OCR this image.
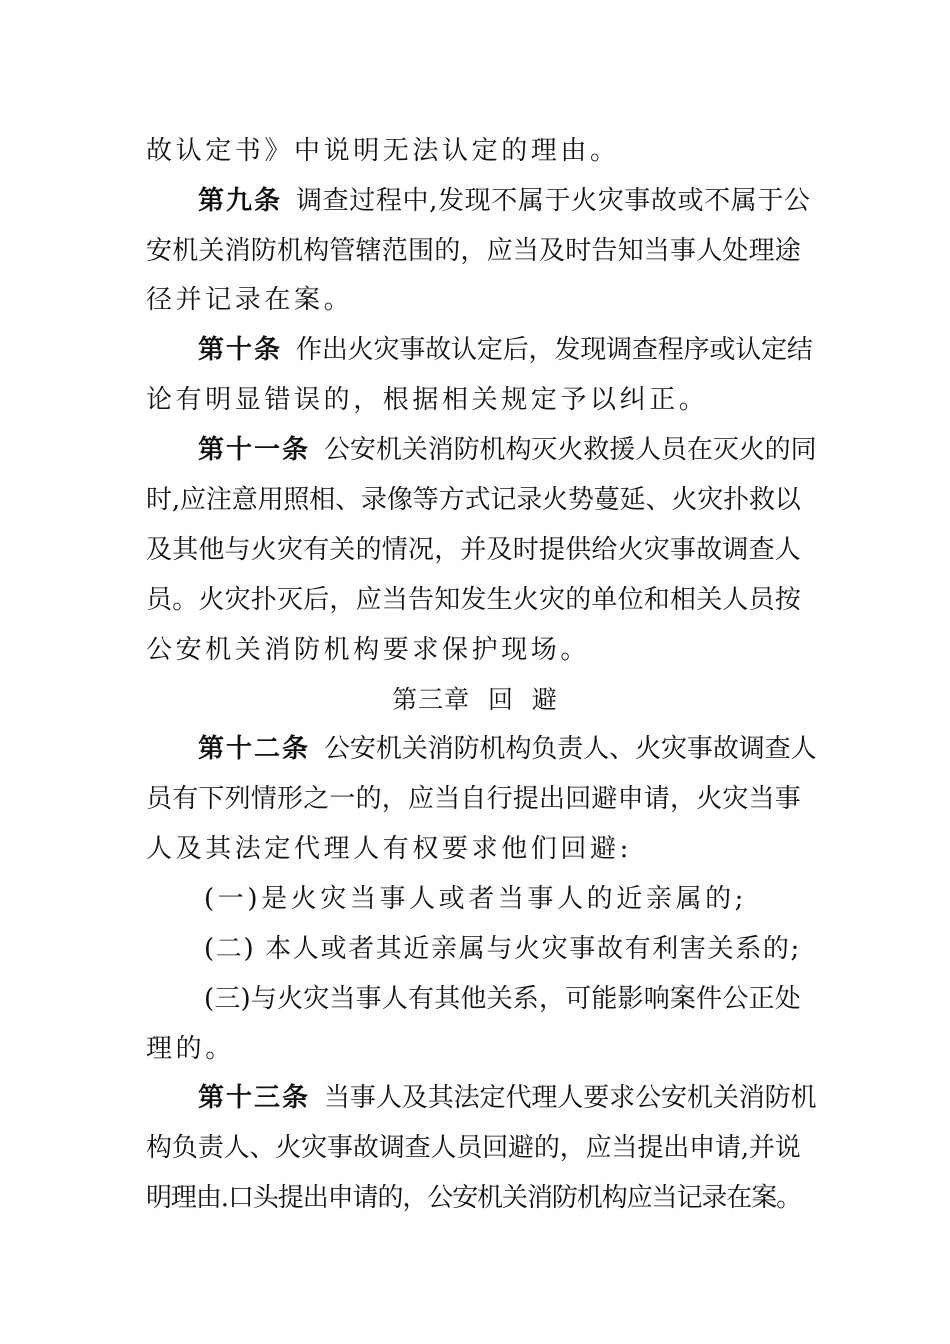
故认定书》中说明无法认定的理由。
第九条 调查过程中,发现不属于火灾事故或不属于公
安机关消防机构管辖范围的，应当及时告知当事人处理途
径并记录在案。
第十条 作出火灾事故认定后，发现调查程序或认定结
论有明显错误的，根据相关规定予以纠正。
第十一条 公安机关消防机构灭火救援人员在灭火的同
时,应注意用照相、录像等方式记录火势蔓延、火灾扑救以
及其他与火灾有关的情况，并及时提供给火灾事故调查人
员。火灾扑灭后，应当告知发生火灾的单位和相关人员按
公安机关消防机构要求保护现场。
第三章  回  避
第十二条 公安机关消防机构负责人、火灾事故调查人
员有下列情形之一的，应当自行提出回避申请，火灾当事
人及其法定代理人有权要求他们回避:
(一)是火灾当事人或者当事人的近亲属的;
(二) 本人或者其近亲属与火灾事故有利害关系的;
(三)与火灾当事人有其他关系，可能影响案件公正处
理的。
第十三条 当事人及其法定代理人要求公安机关消防机
构负责人、火灾事故调查人员回避的，应当提出申请,并说
明理由.口头提出申请的，公安机关消防机构应当记录在案。
